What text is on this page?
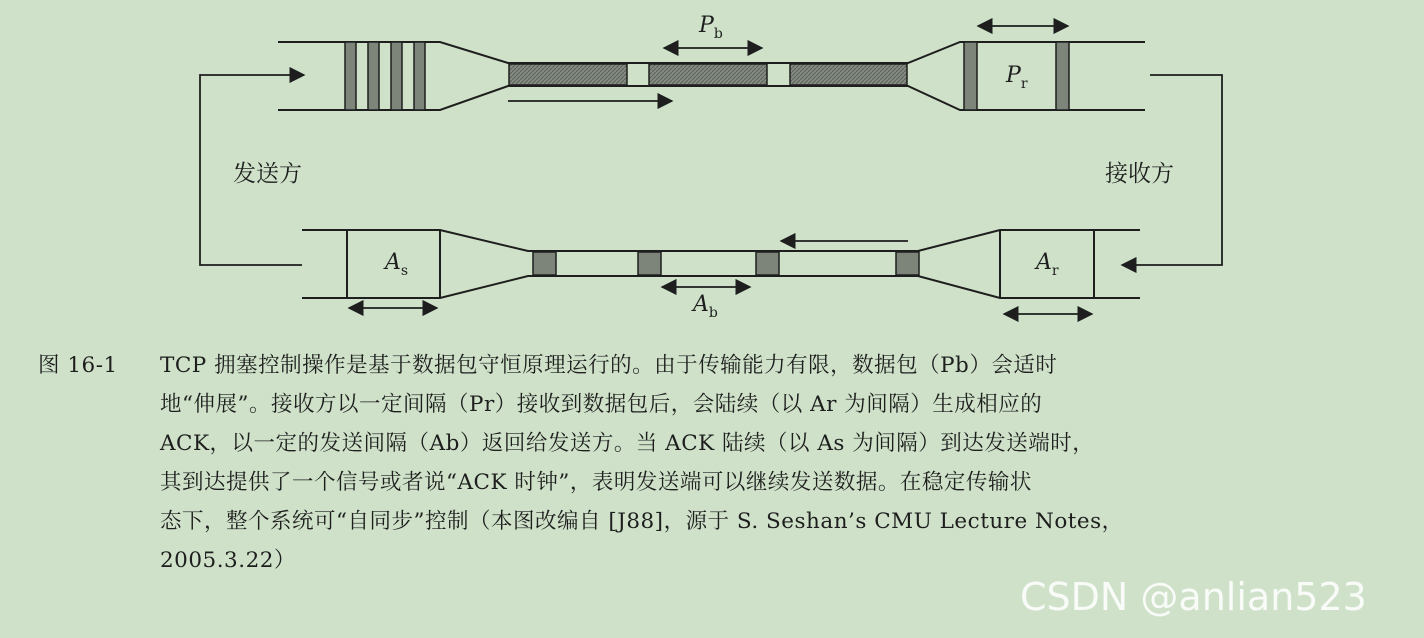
发送方	接收方
$P_b$
$P_r$
$A_s$	$A_r$
$A_b$
图 16-1 TCP 拥塞控制操作是基于数据包守恒原理运行的。由于传输能力有限，数据包（Pb）会适时
地“伸展”。接收方以一定间隔（Pr）接收到数据包后，会陆续（以 Ar 为间隔）生成相应的
ACK，以一定的发送间隔（Ab）返回给发送方。当 ACK 陆续（以 As 为间隔）到达发送端时，
其到达提供了一个信号或者说“ACK 时钟”，表明发送端可以继续发送数据。在稳定传输状
态下，整个系统可“自同步”控制（本图改编自 [J88]，源于 S. Seshan’s CMU Lecture Notes，
2005.3.22）
CSDN @anlian523
